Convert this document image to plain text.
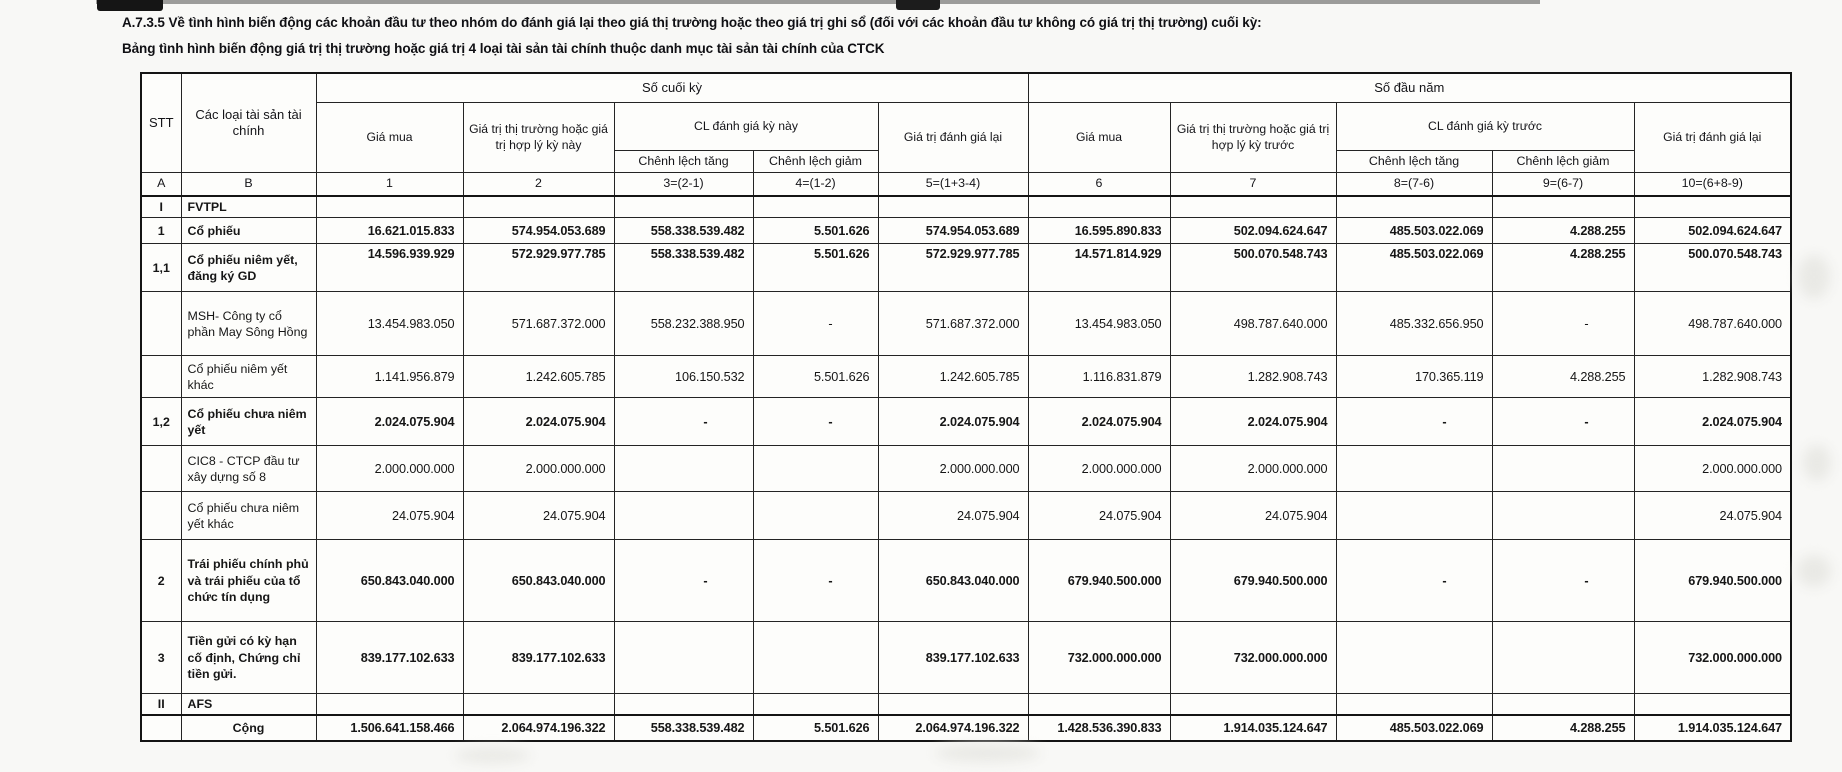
A.7.3.5 Về tình hình biến động các khoản đầu tư theo nhóm do đánh giá lại theo giá thị trường hoặc theo giá trị ghi sổ (đối với các khoản đầu tư không có giá trị thị trường) cuối kỳ:
Bảng tình hình biến động giá trị thị trường hoặc giá trị 4 loại tài sản tài chính thuộc danh mục tài sản tài chính của CTCK
STT	Các loại tài sản tài chính	Số cuối kỳ					Số đầu năm				
		Giá mua	Giá trị thị trường hoặc giá trị hợp lý kỳ này	CL đánh giá kỳ này		Giá trị đánh giá lại	Giá mua	Giá trị thị trường hoặc giá trị hợp lý kỳ trước	CL đánh giá kỳ trước		Giá trị đánh giá lại
				Chênh lệch tăng	Chênh lệch giảm				Chênh lệch tăng	Chênh lệch giảm	
A	B	1	2	3=(2-1)	4=(1-2)	5=(1+3-4)	6	7	8=(7-6)	9=(6-7)	10=(6+8-9)
I	FVTPL										
1	Cổ phiếu	16.621.015.833	574.954.053.689	558.338.539.482	5.501.626	574.954.053.689	16.595.890.833	502.094.624.647	485.503.022.069	4.288.255	502.094.624.647
1,1	Cổ phiếu niêm yết, đăng ký GD	14.596.939.929	572.929.977.785	558.338.539.482	5.501.626	572.929.977.785	14.571.814.929	500.070.548.743	485.503.022.069	4.288.255	500.070.548.743
	MSH- Công ty cổ phần May Sông Hồng	13.454.983.050	571.687.372.000	558.232.388.950	-	571.687.372.000	13.454.983.050	498.787.640.000	485.332.656.950	-	498.787.640.000
	Cổ phiếu niêm yết khác	1.141.956.879	1.242.605.785	106.150.532	5.501.626	1.242.605.785	1.116.831.879	1.282.908.743	170.365.119	4.288.255	1.282.908.743
1,2	Cổ phiếu chưa niêm yết	2.024.075.904	2.024.075.904	-	-	2.024.075.904	2.024.075.904	2.024.075.904	-	-	2.024.075.904
	CIC8 - CTCP đầu tư xây dựng số 8	2.000.000.000	2.000.000.000			2.000.000.000	2.000.000.000	2.000.000.000			2.000.000.000
	Cổ phiếu chưa niêm yết khác	24.075.904	24.075.904			24.075.904	24.075.904	24.075.904			24.075.904
2	Trái phiếu chính phủ và trái phiếu của tổ chức tín dụng	650.843.040.000	650.843.040.000	-	-	650.843.040.000	679.940.500.000	679.940.500.000	-	-	679.940.500.000
3	Tiền gửi có kỳ hạn cố định, Chứng chỉ tiền gửi.	839.177.102.633	839.177.102.633			839.177.102.633	732.000.000.000	732.000.000.000			732.000.000.000
II	AFS										
	Cộng	1.506.641.158.466	2.064.974.196.322	558.338.539.482	5.501.626	2.064.974.196.322	1.428.536.390.833	1.914.035.124.647	485.503.022.069	4.288.255	1.914.035.124.647
